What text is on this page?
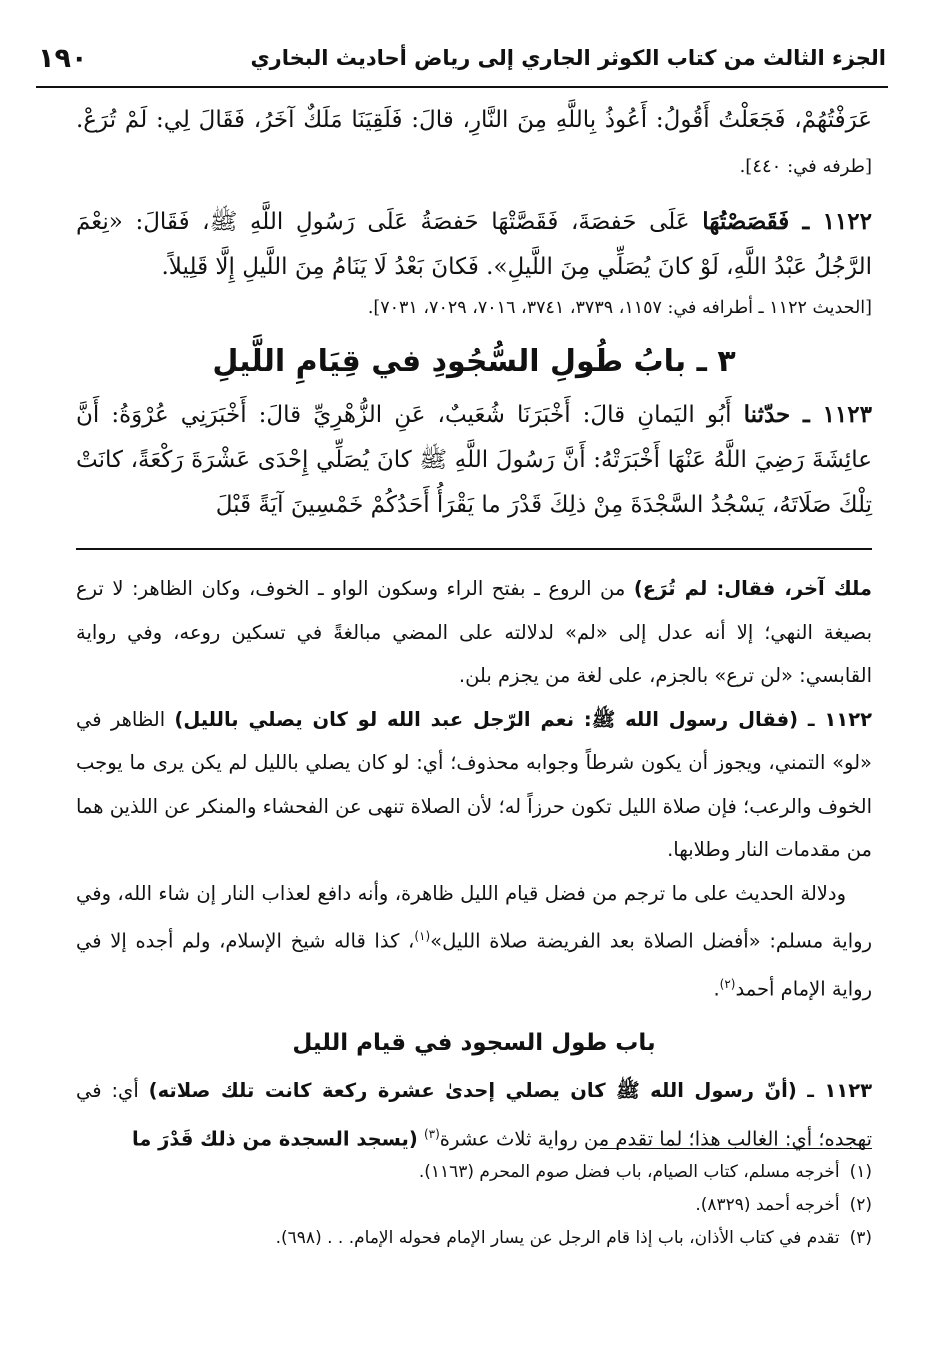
الجزء الثالث من كتاب الكوثر الجاري إلى رياض أحاديث البخاري
١٩٠

عَرَفْتُهُمْ، فَجَعَلْتُ أَقُولُ: أَعُوذُ بِاللَّهِ مِنَ النَّارِ، قالَ: فَلَقِيَنَا مَلَكٌ آخَرُ، فَقَالَ لِي: لَمْ تُرَعْ. [طرفه في: ٤٤٠].

١١٢٢ ـ فَقَصَصْتُهَا عَلَى حَفصَةَ، فَقَصَّتْهَا حَفصَةُ عَلَى رَسُولِ اللَّهِ ﷺ، فَقَالَ: «نِعْمَ الرَّجُلُ عَبْدُ اللَّهِ، لَوْ كانَ يُصَلِّي مِنَ اللَّيلِ». فَكانَ بَعْدُ لَا يَنَامُ مِنَ اللَّيلِ إِلَّا قَلِيلاً.

[الحديث ١١٢٢ ـ أطرافه في: ١١٥٧، ٣٧٣٩، ٣٧٤١، ٧٠١٦، ٧٠٢٩، ٧٠٣١].

٣ ـ بابُ طُولِ السُّجُودِ في قِيَامِ اللَّيلِ

١١٢٣ ـ حدّثنا أَبُو اليَمانِ قالَ: أَخْبَرَنَا شُعَيبٌ، عَنِ الزُّهْرِيِّ قالَ: أَخْبَرَنِي عُرْوَةُ: أَنَّ عائِشَةَ رَضِيَ اللَّهُ عَنْهَا أَخْبَرَتْهُ: أَنَّ رَسُولَ اللَّهِ ﷺ كانَ يُصَلِّي إِحْدَى عَشْرَةَ رَكْعَةً، كانَتْ تِلْكَ صَلَاتَهُ، يَسْجُدُ السَّجْدَةَ مِنْ ذلِكَ قَدْرَ ما يَقْرَأُ أَحَدُكُمْ خَمْسِينَ آيَةً قَبْلَ

ملك آخر، فقال: لم تُرَع) من الروع ـ بفتح الراء وسكون الواو ـ الخوف، وكان الظاهر: لا ترع بصيغة النهي؛ إلا أنه عدل إلى «لم» لدلالته على المضي مبالغةً في تسكين روعه، وفي رواية القابسي: «لن ترع» بالجزم، على لغة من يجزم بلن.

١١٢٢ ـ (فقال رسول الله ﷺ: نعم الرّجل عبد الله لو كان يصلي بالليل) الظاهر في «لو» التمني، ويجوز أن يكون شرطاً وجوابه محذوف؛ أي: لو كان يصلي بالليل لم يكن يرى ما يوجب الخوف والرعب؛ فإن صلاة الليل تكون حرزاً له؛ لأن الصلاة تنهى عن الفحشاء والمنكر عن اللذين هما من مقدمات النار وطلابها.

ودلالة الحديث على ما ترجم من فضل قيام الليل ظاهرة، وأنه دافع لعذاب النار إن شاء الله، وفي رواية مسلم: «أفضل الصلاة بعد الفريضة صلاة الليل»$^{(١)}$، كذا قاله شيخ الإسلام، ولم أجده إلا في رواية الإمام أحمد$^{(٢)}$.

باب طول السجود في قيام الليل

١١٢٣ ـ (أنّ رسول الله ﷺ كان يصلي إحدىٰ عشرة ركعة كانت تلك صلاته) أي: في تهجده؛ أي: الغالب هذا؛ لما تقدم من رواية ثلاث عشرة$^{(٣)}$ (يسجد السجدة من ذلك قَدْرَ ما

(١)
أخرجه مسلم، كتاب الصيام، باب فضل صوم المحرم (١١٦٣).

(٢)
أخرجه أحمد (٨٣٢٩).

(٣)
تقدم في كتاب الأذان، باب إذا قام الرجل عن يسار الإمام فحوله الإمام. . . (٦٩٨).
